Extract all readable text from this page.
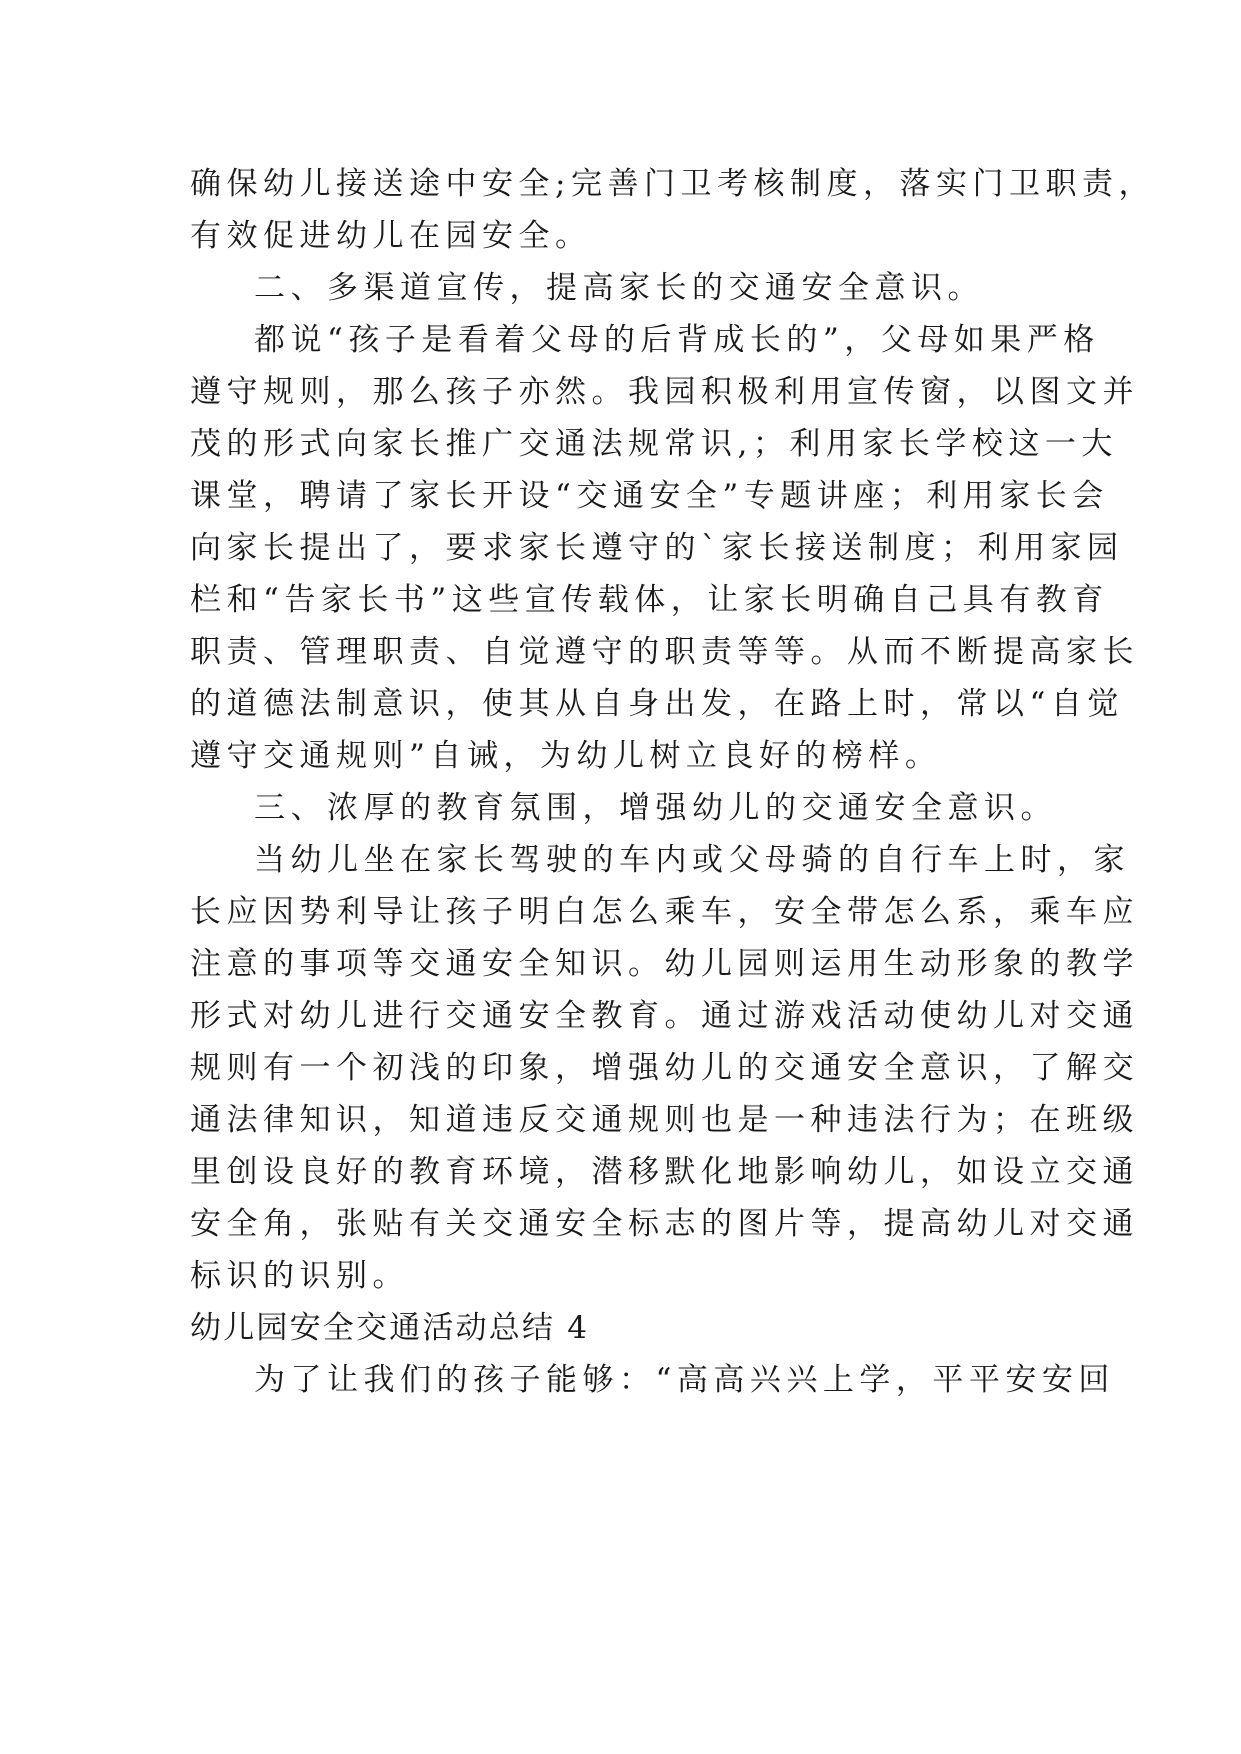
确保幼儿接送途中安全;完善门卫考核制度，落实门卫职责，
有效促进幼儿在园安全。
二、多渠道宣传，提高家长的交通安全意识。
都说“孩子是看着父母的后背成长的”，父母如果严格
遵守规则，那么孩子亦然。我园积极利用宣传窗，以图文并
茂的形式向家长推广交通法规常识,；利用家长学校这一大
课堂，聘请了家长开设“交通安全”专题讲座；利用家长会
向家长提出了，要求家长遵守的`家长接送制度；利用家园
栏和“告家长书”这些宣传载体，让家长明确自己具有教育
职责、管理职责、自觉遵守的职责等等。从而不断提高家长
的道德法制意识，使其从自身出发，在路上时，常以“自觉
遵守交通规则”自诫，为幼儿树立良好的榜样。
三、浓厚的教育氛围，增强幼儿的交通安全意识。
当幼儿坐在家长驾驶的车内或父母骑的自行车上时，家
长应因势利导让孩子明白怎么乘车，安全带怎么系，乘车应
注意的事项等交通安全知识。幼儿园则运用生动形象的教学
形式对幼儿进行交通安全教育。通过游戏活动使幼儿对交通
规则有一个初浅的印象，增强幼儿的交通安全意识，了解交
通法律知识，知道违反交通规则也是一种违法行为；在班级
里创设良好的教育环境，潜移默化地影响幼儿，如设立交通
安全角，张贴有关交通安全标志的图片等，提高幼儿对交通
标识的识别。
幼儿园安全交通活动总结 4
为了让我们的孩子能够：“高高兴兴上学，平平安安回
